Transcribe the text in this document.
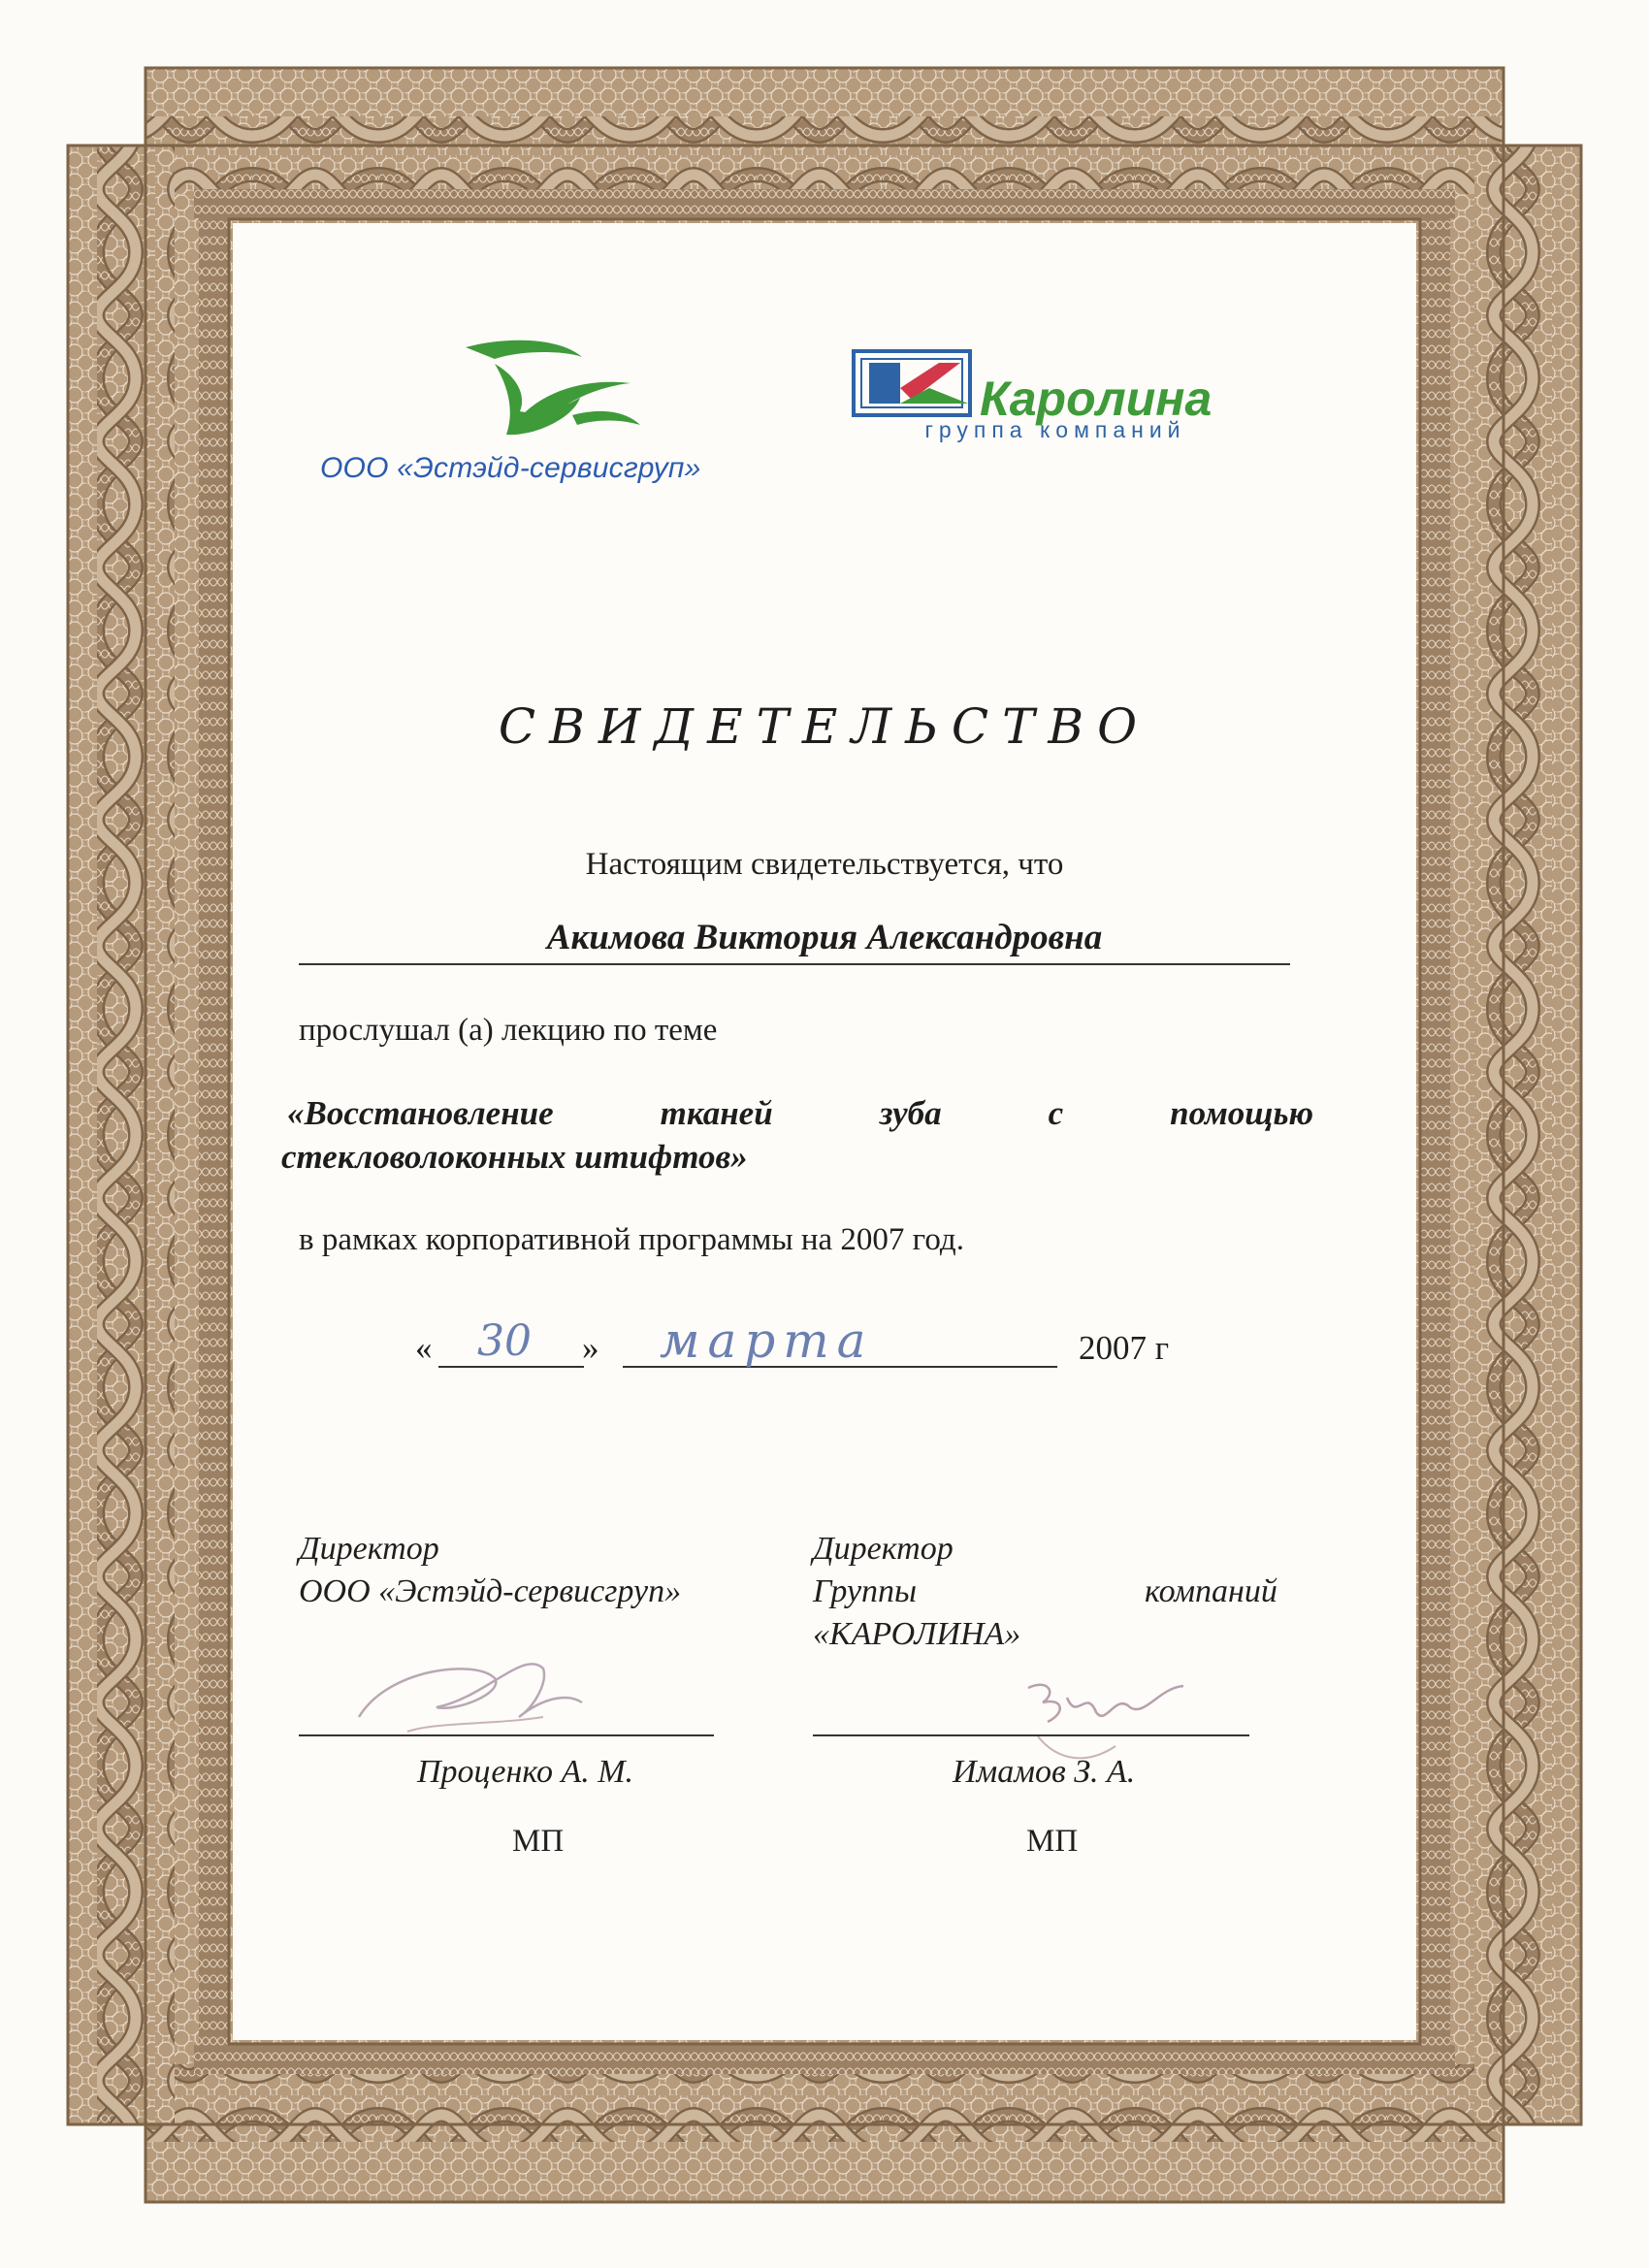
ООО «Эстэйд-сервисгруп»
Каролина
группа компаний
СВИДЕТЕЛЬСТВО
Настоящим свидетельствуется, что
Акимова Виктория Александровна
прослушал (а) лекцию по теме
«Восстановление тканей зуба с помощью
стекловолоконных штифтов»
в рамках корпоративной программы на 2007 год.
« 30 » марта	2007 г
Директор
ООО «Эстэйд-сервисгруп»
Проценко А. М.
МП
Директор
Группы	компаний
«КАРОЛИНА»
Имамов З. А.
МП
